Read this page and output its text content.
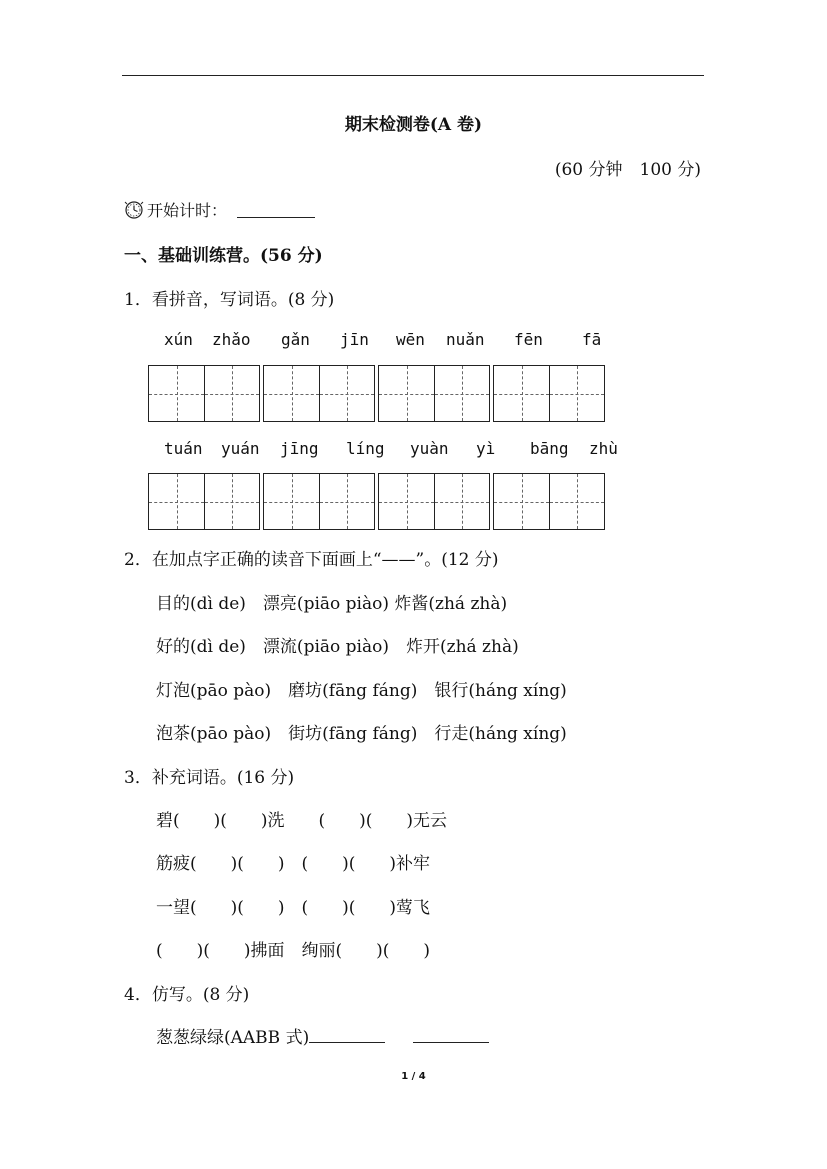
期末检测卷(A 卷)
(60 分钟　100 分)
开始计时：
一、基础训练营。(56 分)
1．看拼音，写词语。(8 分)
xún zhǎo gǎn jīn wēn nuǎn fēn fā
tuán yuán jīng líng yuàn yì bāng zhù
2．在加点字正确的读音下面画上“——”。(12 分)
目的(dì de)　漂亮(piāo piào) 炸酱(zhá zhà)
好的(dì de)　漂流(piāo piào)　炸开(zhá zhà)
灯泡(pāo pào)　磨坊(fāng fáng)　银行(háng xíng)
泡茶(pāo pào)　街坊(fāng fáng)　行走(háng xíng)
3．补充词语。(16 分)
碧(　　)(　　)洗　　(　　)(　　)无云
筋疲(　　)(　　)　(　　)(　　)补牢
一望(　　)(　　)　(　　)(　　)莺飞
(　　)(　　)拂面　绚丽(　　)(　　)
4．仿写。(8 分)
葱葱绿绿(AABB 式)
1 / 4
